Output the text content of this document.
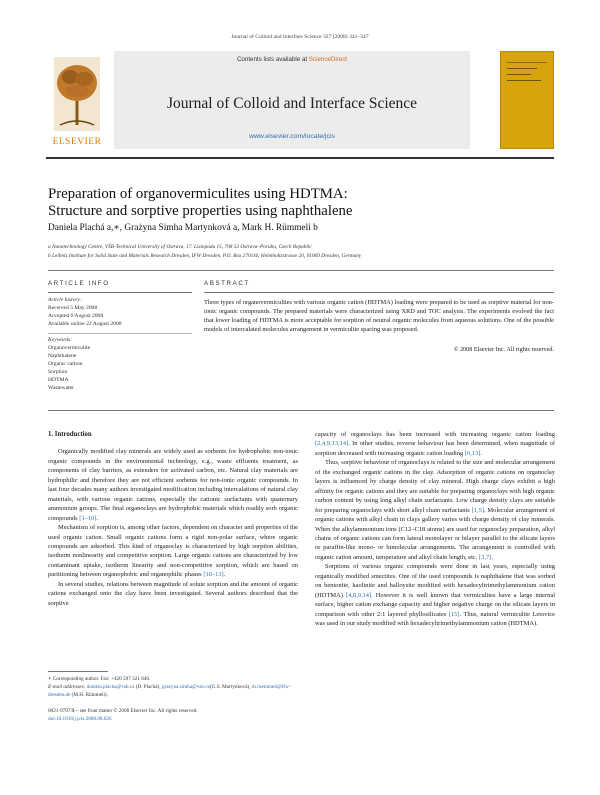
Journal of Colloid and Interface Science 327 (2008) 341–347
ELSEVIER
Contents lists available at ScienceDirect
Journal of Colloid and Interface Science
www.elsevier.com/locate/jcis
Preparation of organovermiculites using HDTMA:
Structure and sorptive properties using naphthalene
Daniela Plachá a,∗, Grażyna Simha Martynková a, Mark H. Rümmeli b
a Nanotechnology Centre, VŠB-Technical University of Ostrava, 17. Listopadu 15, 708 33 Ostrava–Poruba, Czech Republic
b Leibniz Institute for Solid State and Materials Research Dresden, IFW Dresden, P.O. Box 270116, Helmholtzstrasse 20, 01069 Dresden, Germany
ARTICLE INFO
Article history:
Received 5 May 2008
Accepted 6 August 2008
Available online 22 August 2008
Keywords:
Organovermiculite
Naphthalene
Organic carbon
Sorption
HDTMA
Wastewater
ABSTRACT
Three types of organovermiculites with various organic cation (HDTMA) loading were prepared to be used as sorptive material for non-ionic organic compounds. The prepared materials were characterized using XRD and TOC analysis. The experiments evolved the fact that lower loading of HDTMA is more acceptable for sorption of neutral organic molecules from aqueous solutions. One of the possible models of intercalated molecules arrangement in vermiculite spacing was proposed.
© 2008 Elsevier Inc. All rights reserved.
1. Introduction

Organically modified clay minerals are widely used as sorbents for hydrophobic non-ionic organic compounds in the environmental technology, e.g., waste effluents treatment, as components of clay barriers, as extenders for activated carbon, etc. Natural clay materials are hydrophilic and therefore they are not efficient sorbents for non-ionic organic compounds. In last four decades many authors investigated modification including intercalations of natural clay materials, with various organic cations, especially the cationic surfactants with quaternary ammonium groups. The final organoclays are hydrophobic materials which readily sorb organic compounds [1–10].

Mechanism of sorption is, among other factors, dependent on character and properties of the used organic cation. Small organic cations form a rigid non-polar surface, where organic compounds are adsorbed. This kind of organoclay is characterized by high sorption abilities, isotherm nonlinearity and competitive sorption. Large organic cations are characterized by low contaminant uptake, isotherm linearity and non-competitive sorption, which are based on partitioning between organophobic and organophilic phases [10–13].

In several studies, relations between magnitude of solute sorption and the amount of organic cations exchanged onto the clay have been investigated. Several authors described that the sorptive

capacity of organoclays has been increased with increasing organic cation loading [2,4,9,13,14]. In other studies, reverse behaviour has been determined, when magnitude of sorption decreased with increasing organic cation loading [6,13].

Thus, sorptive behaviour of organoclays is related to the size and molecular arrangement of the exchanged organic cations in the clay. Adsorption of organic cations on organoclay layers is influenced by charge density of clay mineral. High charge clays exhibit a high affinity for organic cations and they are suitable for preparing organoclays with high organic carbon content by using long alkyl chain surfactants. Low charge density clays are suitable for preparing organoclays with short alkyl chain surfactants [1,5]. Molecular arrangement of organic cations with alkyl chain in clays gallery varies with charge density of clay minerals. When the alkylammonium ions (C12–C18 atoms) are used for organoclay preparation, alkyl chains of organic cations can form lateral monolayer or bilayer parallel to the silicate layers or paraffin-like mono- or bimolecular arrangements. The arrangement is controlled with organic cation amount, temperature and alkyl chain length, etc. [3,7].

Sorptions of various organic compounds were done in last years, especially using organically modified smectites. One of the used compounds is naphthalene that was sorbed on bentonite, kaolinite and halloysite modified with hexadecyltrimethylammonium cation (HDTMA) [4,8,9,14]. However it is well known that vermiculites have a large internal surface, higher cation exchange capacity and higher negative charge on the silicate layers in comparison with other 2:1 layered phyllosilicates [15]. Thus, natural vermiculite Letovice was used in our study modified with hexadecyltrimethylammonium cation (HDTMA).

∗ Corresponding author. Fax: +420 597 321 640.
E-mail addresses: daniela.placha@vsb.cz (D. Plachá), grazyna.simha@vsb.cz(G.S. Martynková), m.ruemmeli@ifw-dresden.de (M.H. Rümmeli).
0021-9797/$ – see front matter © 2008 Elsevier Inc. All rights reserved.
doi:10.1016/j.jcis.2008.08.026
